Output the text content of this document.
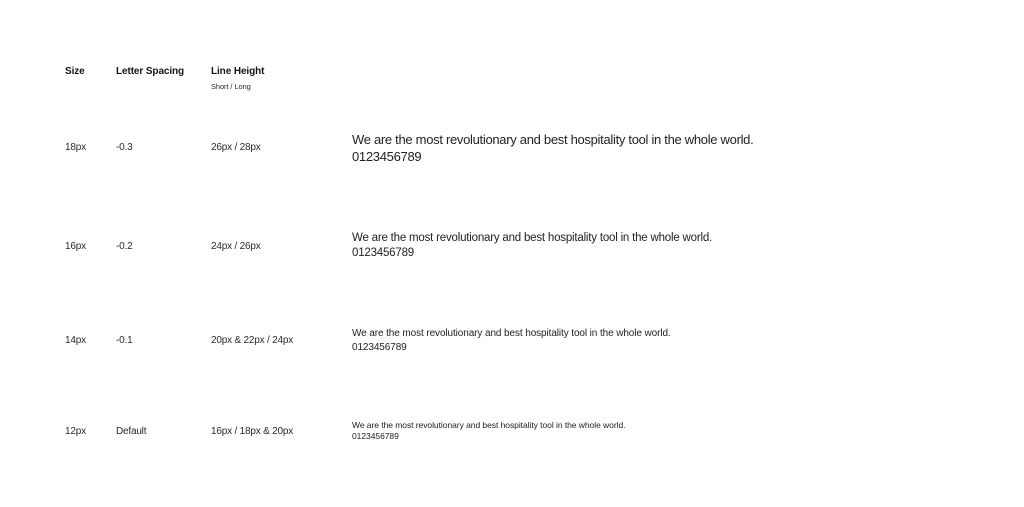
Size	Letter Spacing	Line Height
Short / Long
18px	-0.3	26px / 28px
We are the most revolutionary and best hospitality tool in the whole world.
0123456789
16px	-0.2	24px / 26px
We are the most revolutionary and best hospitality tool in the whole world.
0123456789
14px	-0.1	20px & 22px / 24px
We are the most revolutionary and best hospitality tool in the whole world.
0123456789
12px	Default	16px / 18px & 20px
We are the most revolutionary and best hospitality tool in the whole world.
0123456789
